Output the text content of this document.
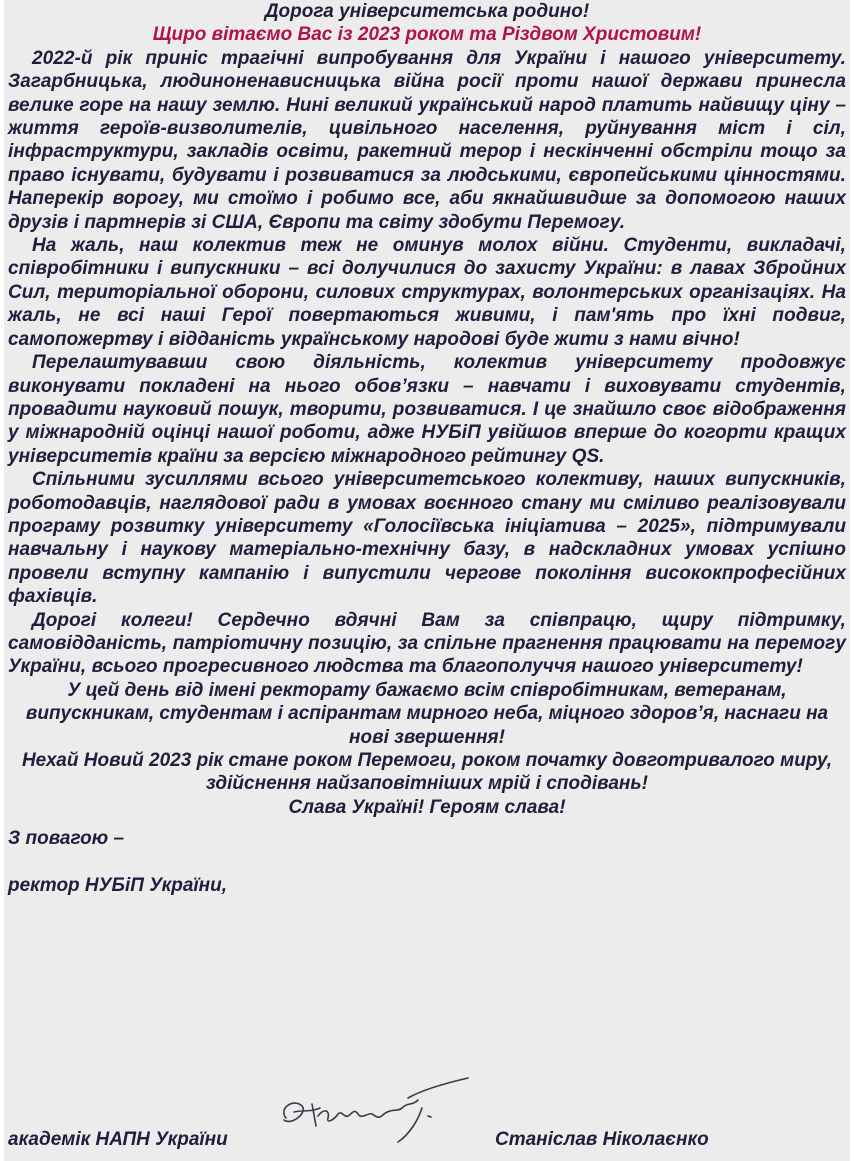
Дорога університетська родино!

Щиро вітаємо Вас із 2023 роком та Різдвом Христовим!

2022-й рік приніс трагічні випробування для України і нашого університету. Загарбницька, людиноненависницька війна росії проти нашої держави принесла велике горе на нашу землю. Нині великий український народ платить найвищу ціну – життя героїв-визволителів, цивільного населення, руйнування міст і сіл, інфраструктури, закладів освіти, ракетний терор і нескінченні обстріли тощо за право існувати, будувати і розвиватися за людськими, європейськими цінностями. Наперекір ворогу, ми стоїмо і робимо все, аби якнайшвидше за допомогою наших друзів і партнерів зі США, Європи та світу здобути Перемогу.

На жаль, наш колектив теж не оминув молох війни. Студенти, викладачі, співробітники і випускники – всі долучилися до захисту України: в лавах Збройних Сил, територіальної оборони, силових структурах, волонтерських організаціях. На жаль, не всі наші Герої повертаються живими, і пам'ять про їхні подвиг, самопожертву і відданість українському народові буде жити з нами вічно!

Перелаштувавши свою діяльність, колектив університету продовжує виконувати покладені на нього обов’язки – навчати і виховувати студентів, провадити науковий пошук, творити, розвиватися. І це знайшло своє відображення у міжнародній оцінці нашої роботи, адже НУБіП увійшов вперше до когорти кращих університетів країни за версією міжнародного рейтингу QS.

Спільними зусиллями всього університетського колективу, наших випускників, роботодавців, наглядової ради в умовах воєнного стану ми сміливо реалізовували програму розвитку університету «Голосіївська ініціатива – 2025», підтримували навчальну і наукову матеріально-технічну базу, в надскладних умовах успішно провели вступну кампанію і випустили чергове покоління висококпрофесійних фахівців.

Дорогі колеги! Сердечно вдячні Вам за співпрацю, щиру підтримку, самовідданість, патріотичну позицію, за спільне прагнення працювати на перемогу України, всього прогресивного людства та благополуччя нашого університету!

У цей день від імені ректорату бажаємо всім співробітникам, ветеранам, випускникам, студентам і аспірантам мирного неба, міцного здоров’я, наснаги на нові звершення!

Нехай Новий 2023 рік стане роком Перемоги, роком початку довготривалого миру, здійснення найзаповітніших мрій і сподівань!

Слава Україні! Героям слава!

З повагою –

ректор НУБіП України,

академік НАПН України	Станіслав Ніколаєнко
